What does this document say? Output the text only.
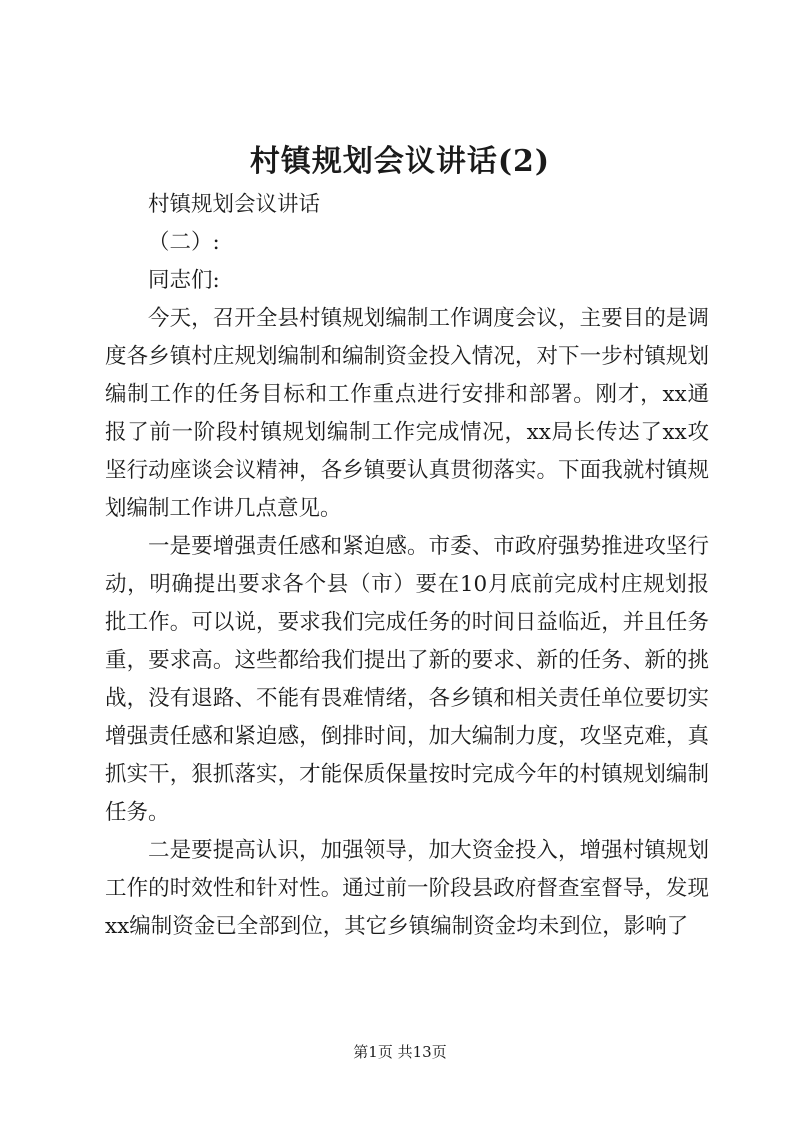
村镇规划会议讲话(2)

村镇规划会议讲话

（二）:

同志们:

今天，召开全县村镇规划编制工作调度会议，主要目的是调度各乡镇村庄规划编制和编制资金投入情况，对下一步村镇规划编制工作的任务目标和工作重点进行安排和部署。刚才，xx通报了前一阶段村镇规划编制工作完成情况，xx局长传达了xx攻坚行动座谈会议精神，各乡镇要认真贯彻落实。下面我就村镇规划编制工作讲几点意见。

一是要增强责任感和紧迫感。市委、市政府强势推进攻坚行动，明确提出要求各个县（市）要在10月底前完成村庄规划报批工作。可以说，要求我们完成任务的时间日益临近，并且任务重，要求高。这些都给我们提出了新的要求、新的任务、新的挑战，没有退路、不能有畏难情绪，各乡镇和相关责任单位要切实增强责任感和紧迫感，倒排时间，加大编制力度，攻坚克难，真抓实干，狠抓落实，才能保质保量按时完成今年的村镇规划编制任务。

二是要提高认识，加强领导，加大资金投入，增强村镇规划工作的时效性和针对性。通过前一阶段县政府督查室督导，发现xx编制资金已全部到位，其它乡镇编制资金均未到位，影响了

第1页 共13页
